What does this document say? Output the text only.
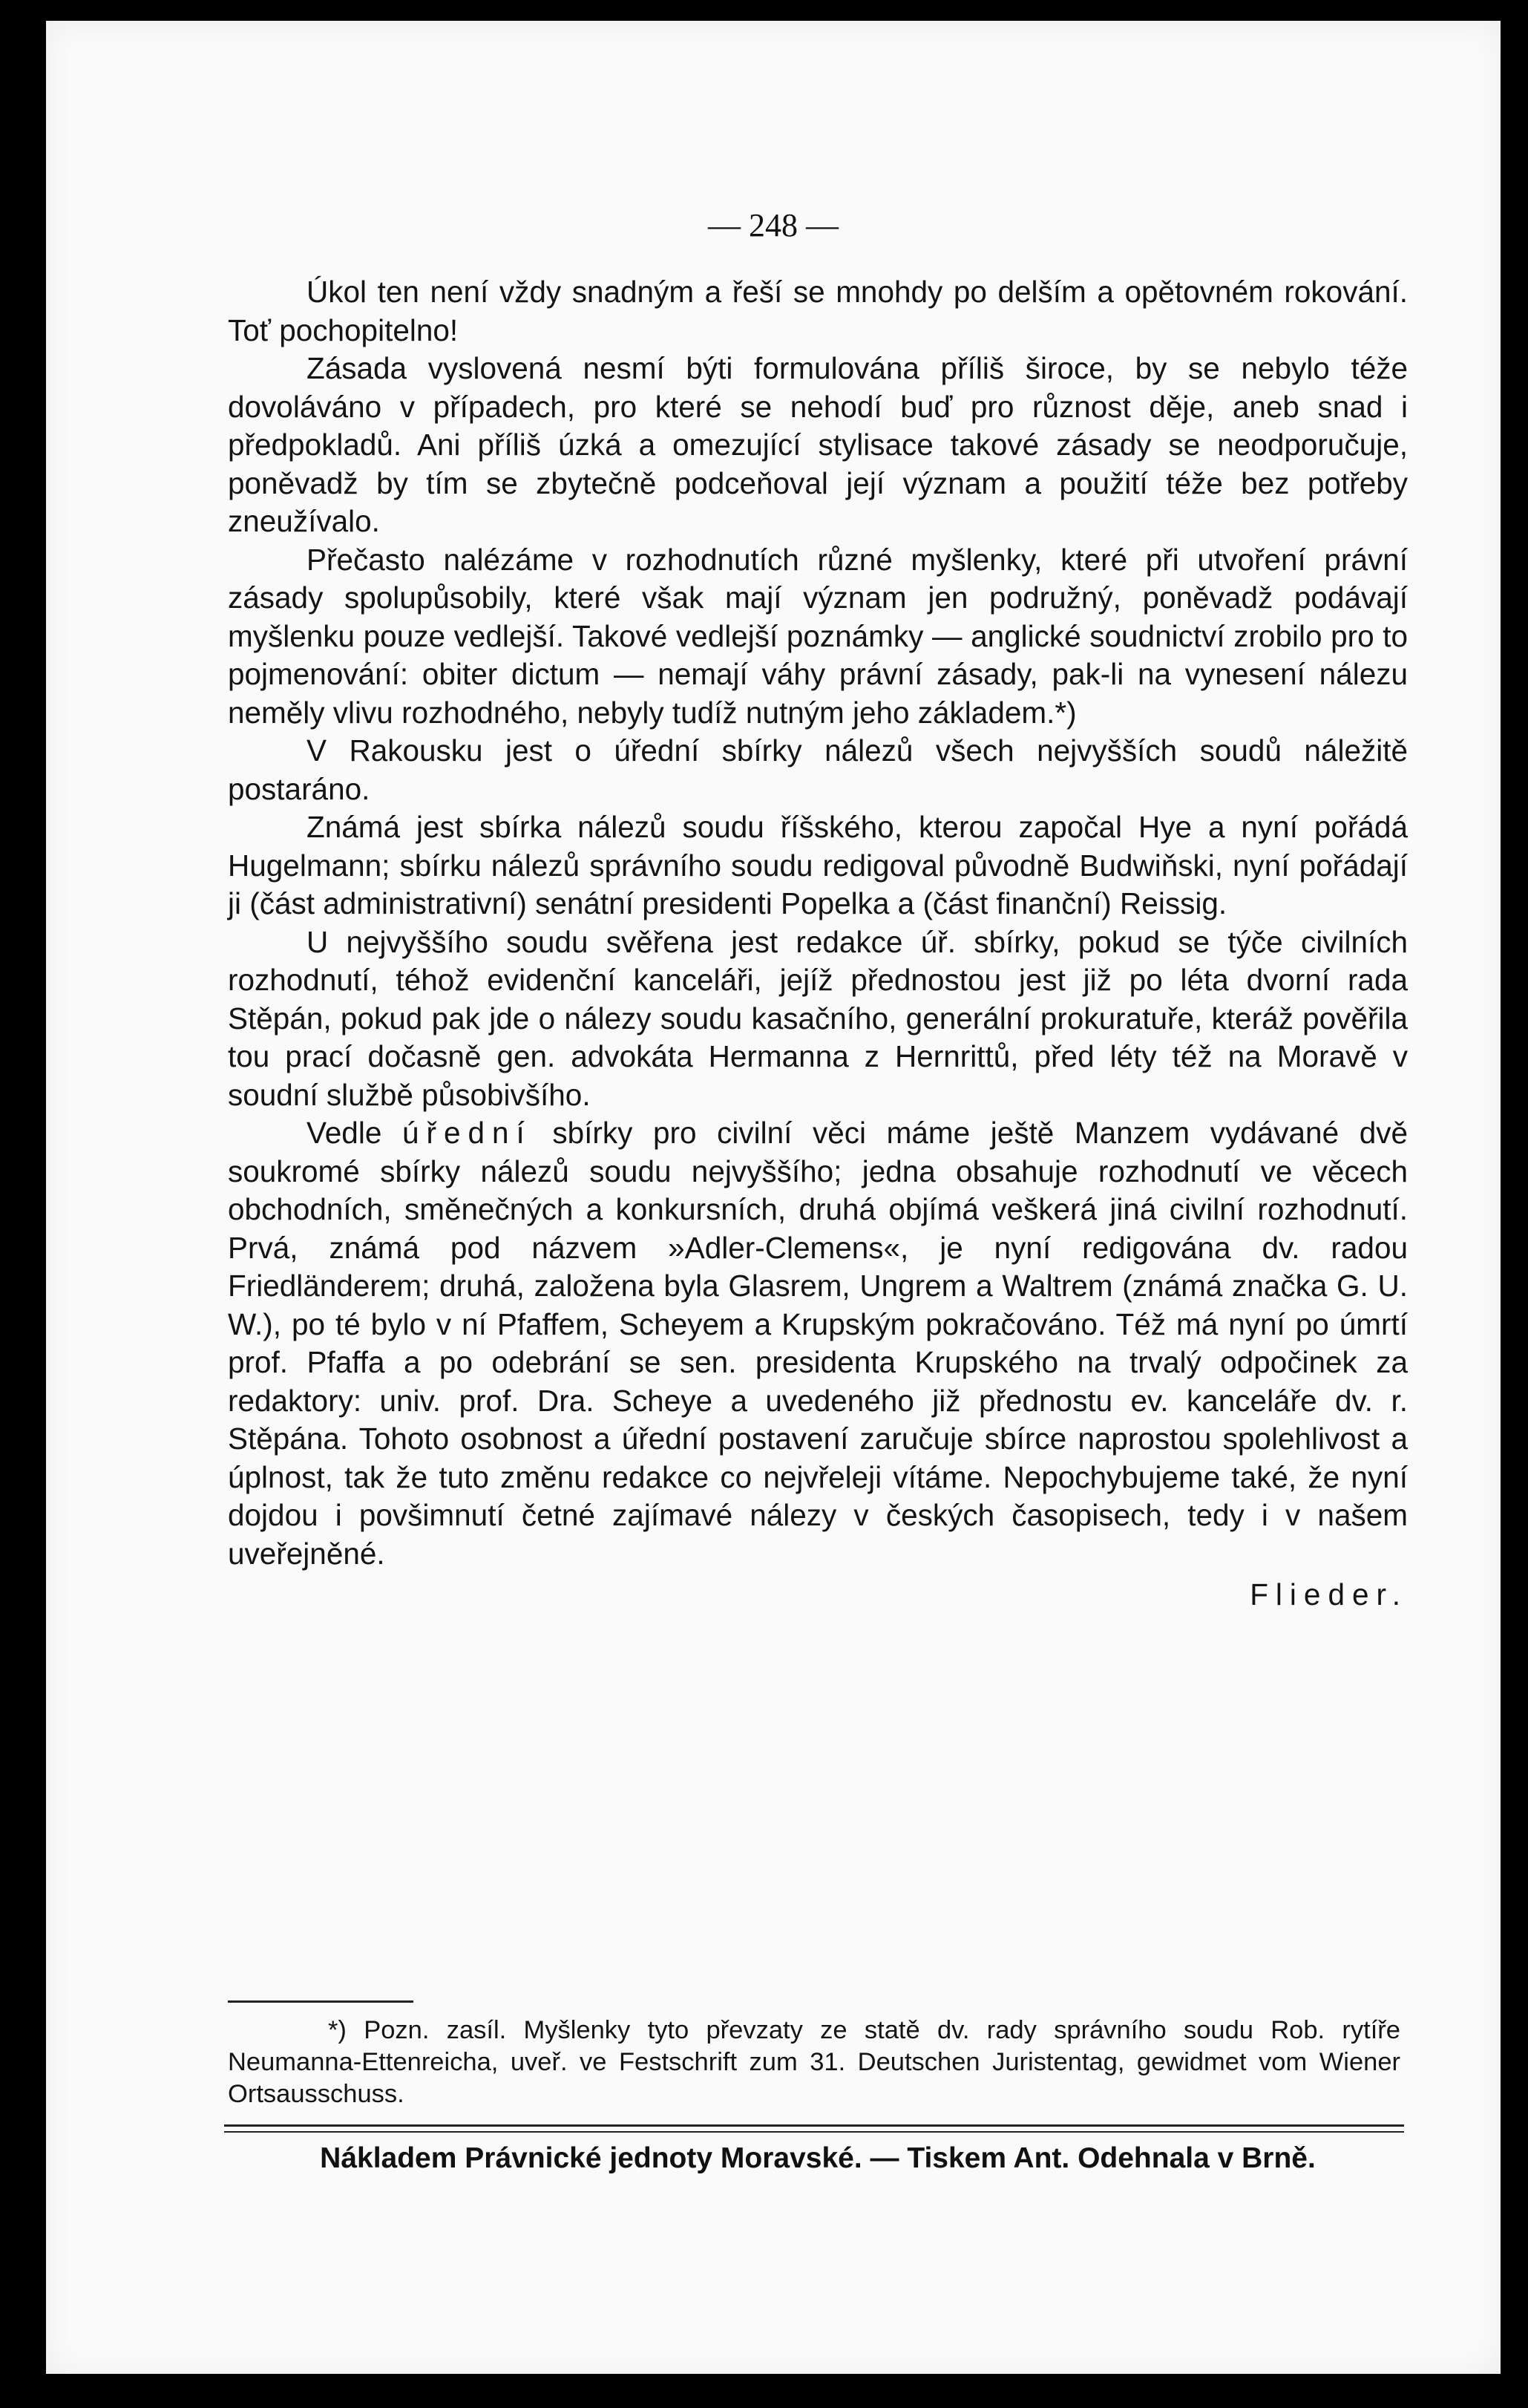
— 248 —

Úkol ten není vždy snadným a řeší se mnohdy po delším a opětovném rokování. Toť pochopitelno!

Zásada vyslovená nesmí býti formulována příliš široce, by se nebylo téže dovoláváno v případech, pro které se nehodí buď pro různost děje, aneb snad i předpokladů. Ani příliš úzká a omezující stylisace takové zásady se neodporučuje, poněvadž by tím se zbytečně podceňoval její význam a použití téže bez potřeby zneužívalo.

Přečasto nalézáme v rozhodnutích různé myšlenky, které při utvoření právní zásady spolupůsobily, které však mají význam jen podružný, poněvadž podávají myšlenku pouze vedlejší. Takové vedlejší poznámky — anglické soudnictví zrobilo pro to pojmenování: obiter dictum — nemají váhy právní zásady, pak-li na vynesení nálezu neměly vlivu rozhodného, nebyly tudíž nutným jeho základem.*)

V Rakousku jest o úřední sbírky nálezů všech nejvyšších soudů náležitě postaráno.

Známá jest sbírka nálezů soudu říšského, kterou započal Hye a nyní pořádá Hugelmann; sbírku nálezů správního soudu redigoval původně Budwiňski, nyní pořádají ji (část administrativní) senátní presidenti Popelka a (část finanční) Reissig.

U nejvyššího soudu svěřena jest redakce úř. sbírky, pokud se týče civilních rozhodnutí, téhož evidenční kanceláři, jejíž přednostou jest již po léta dvorní rada Stěpán, pokud pak jde o nálezy soudu kasačního, generální prokuratuře, kteráž pověřila tou prací dočasně gen. advokáta Hermanna z Hernrittů, před léty též na Moravě v soudní službě působivšího.

Vedle úřední sbírky pro civilní věci máme ještě Manzem vydávané dvě soukromé sbírky nálezů soudu nejvyššího; jedna obsahuje rozhodnutí ve věcech obchodních, směnečných a konkursních, druhá objímá veškerá jiná civilní rozhodnutí. Prvá, známá pod názvem »Adler-Clemens«, je nyní redigována dv. radou Friedländerem; druhá, založena byla Glasrem, Ungrem a Waltrem (známá značka G. U. W.), po té bylo v ní Pfaffem, Scheyem a Krupským pokračováno. Též má nyní po úmrtí prof. Pfaffa a po odebrání se sen. presidenta Krupského na trvalý odpočinek za redaktory: univ. prof. Dra. Scheye a uvedeného již přednostu ev. kanceláře dv. r. Stěpána. Tohoto osobnost a úřední postavení zaručuje sbírce naprostou spolehlivost a úplnost, tak že tuto změnu redakce co nejvřeleji vítáme. Nepochybujeme také, že nyní dojdou i povšimnutí četné zajímavé nálezy v českých časopisech, tedy i v našem uveřejněné.

Flieder.

*) Pozn. zasíl. Myšlenky tyto převzaty ze statě dv. rady správního soudu Rob. rytíře Neumanna-Ettenreicha, uveř. ve Festschrift zum 31. Deutschen Juristentag, gewidmet vom Wiener Ortsausschuss.

Nákladem Právnické jednoty Moravské. — Tiskem Ant. Odehnala v Brně.
